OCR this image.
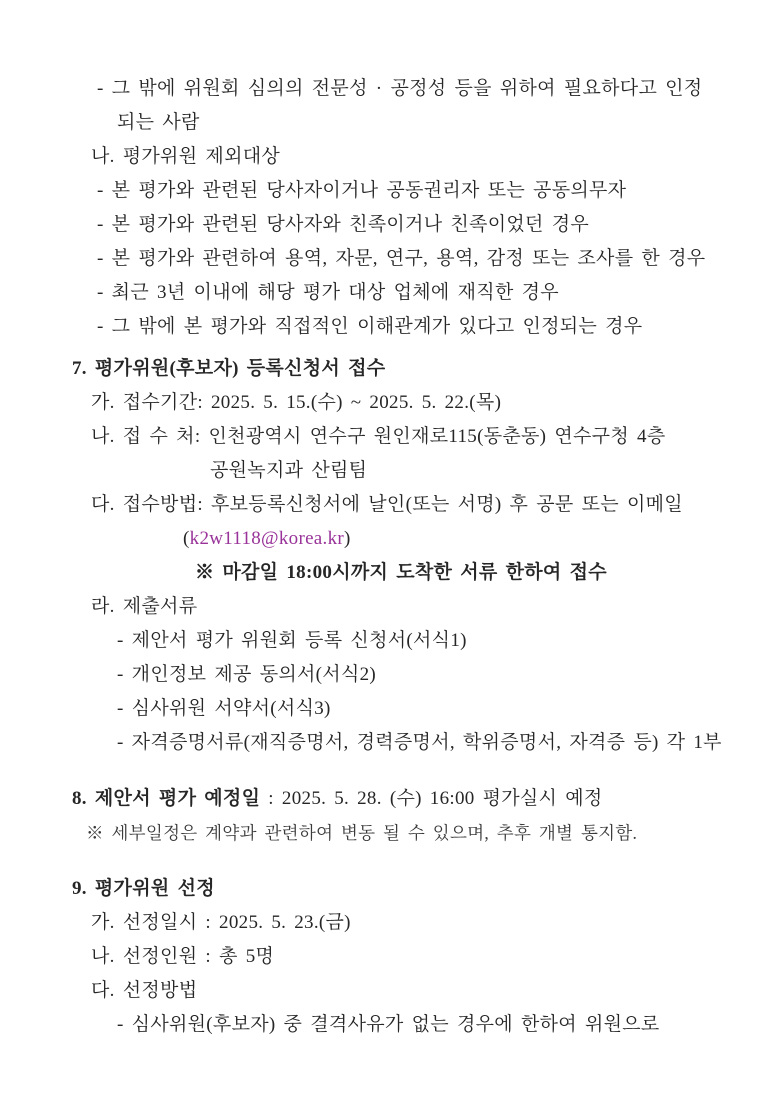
- 그 밖에 위원회 심의의 전문성 · 공정성 등을 위하여 필요하다고 인정
되는 사람
나. 평가위원 제외대상
- 본 평가와 관련된 당사자이거나 공동권리자 또는 공동의무자
- 본 평가와 관련된 당사자와 친족이거나 친족이었던 경우
- 본 평가와 관련하여 용역, 자문, 연구, 용역, 감정 또는 조사를 한 경우
- 최근 3년 이내에 해당 평가 대상 업체에 재직한 경우
- 그 밖에 본 평가와 직접적인 이해관계가 있다고 인정되는 경우
7. 평가위원(후보자) 등록신청서 접수
가. 접수기간: 2025. 5. 15.(수) ~ 2025. 5. 22.(목)
나. 접 수 처: 인천광역시 연수구 원인재로115(동춘동) 연수구청 4층
공원녹지과 산림팀
다. 접수방법: 후보등록신청서에 날인(또는 서명) 후 공문 또는 이메일
(k2w1118@korea.kr)
※ 마감일 18:00시까지 도착한 서류 한하여 접수
라. 제출서류
- 제안서 평가 위원회 등록 신청서(서식1)
- 개인정보 제공 동의서(서식2)
- 심사위원 서약서(서식3)
- 자격증명서류(재직증명서, 경력증명서, 학위증명서, 자격증 등) 각 1부
8. 제안서 평가 예정일 : 2025. 5. 28. (수) 16:00 평가실시 예정
※ 세부일정은 계약과 관련하여 변동 될 수 있으며, 추후 개별 통지함.
9. 평가위원 선정
가. 선정일시 : 2025. 5. 23.(금)
나. 선정인원 : 총 5명
다. 선정방법
- 심사위원(후보자) 중 결격사유가 없는 경우에 한하여 위원으로
